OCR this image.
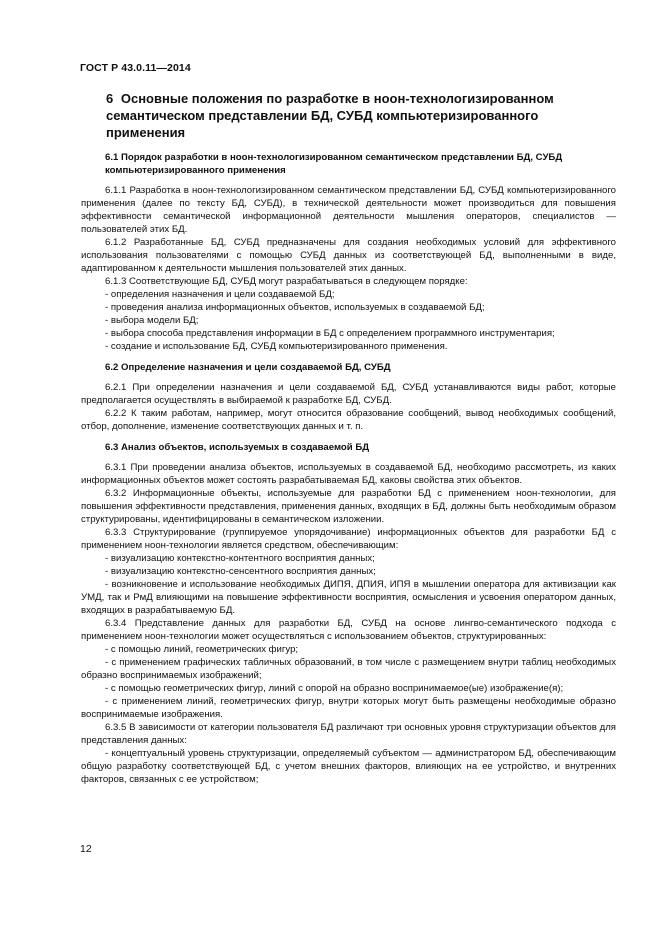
ГОСТ Р 43.0.11—2014
6 Основные положения по разработке в ноон-технологизированном семантическом представлении БД, СУБД компьютеризированного применения
6.1 Порядок разработки в ноон-технологизированном семантическом представлении БД, СУБД компьютеризированного применения

6.1.1 Разработка в ноон-технологизированном семантическом представлении БД, СУБД компьютеризированного применения (далее по тексту БД, СУБД), в технической деятельности может производиться для повышения эффективности семантической информационной деятельности мышления операторов, специалистов — пользователей этих БД.

6.1.2 Разработанные БД, СУБД предназначены для создания необходимых условий для эффективного использования пользователями с помощью СУБД данных из соответствующей БД, выполненными в виде, адаптированном к деятельности мышления пользователей этих данных.

6.1.3 Соответствующие БД, СУБД могут разрабатываться в следующем порядке:

- определения назначения и цели создаваемой БД;

- проведения анализа информационных объектов, используемых в создаваемой БД;

- выбора модели БД;

- выбора способа представления информации в БД с определением программного инструментария;

- создание и использование БД, СУБД компьютеризированного применения.

6.2 Определение назначения и цели создаваемой БД, СУБД

6.2.1 При определении назначения и цели создаваемой БД, СУБД устанавливаются виды работ, которые предполагается осуществлять в выбираемой к разработке БД, СУБД.

6.2.2 К таким работам, например, могут относится образование сообщений, вывод необходимых сообщений, отбор, дополнение, изменение соответствующих данных и т. п.

6.3 Анализ объектов, используемых в создаваемой БД

6.3.1 При проведении анализа объектов, используемых в создаваемой БД, необходимо рассмотреть, из каких информационных объектов может состоять разрабатываемая БД, каковы свойства этих объектов.

6.3.2 Информационные объекты, используемые для разработки БД с применением ноон-технологии, для повышения эффективности представления, применения данных, входящих в БД, должны быть необходимым образом структурированы, идентифицированы в семантическом изложении.

6.3.3 Структурирование (группируемое упорядочивание) информационных объектов для разработки БД с применением ноон-технологии является средством, обеспечивающим:

- визуализацию контекстно-контентного восприятия данных;

- визуализацию контекстно-сенсентного восприятия данных;

- возникновение и использование необходимых ДИПЯ, ДПИЯ, ИПЯ в мышлении оператора для активизации как УМД, так и РмД влияющими на повышение эффективности восприятия, осмысления и усвоения оператором данных, входящих в разрабатываемую БД.

6.3.4 Представление данных для разработки БД, СУБД на основе лингво-семантического подхода с применением ноон-технологии может осуществляться с использованием объектов, структурированных:

- с помощью линий, геометрических фигур;

- с применением графических табличных образований, в том числе с размещением внутри таблиц необходимых образно воспринимаемых изображений;

- с помощью геометрических фигур, линий с опорой на образно воспринимаемое(ые) изображение(я);

- с применением линий, геометрических фигур, внутри которых могут быть размещены необходимые образно воспринимаемые изображения.

6.3.5 В зависимости от категории пользователя БД различают три основных уровня структуризации объектов для представления данных:

- концептуальный уровень структуризации, определяемый субъектом — администратором БД, обеспечивающим общую разработку соответствующей БД, с учетом внешних факторов, влияющих на ее устройство, и внутренних факторов, связанных с ее устройством;

12
